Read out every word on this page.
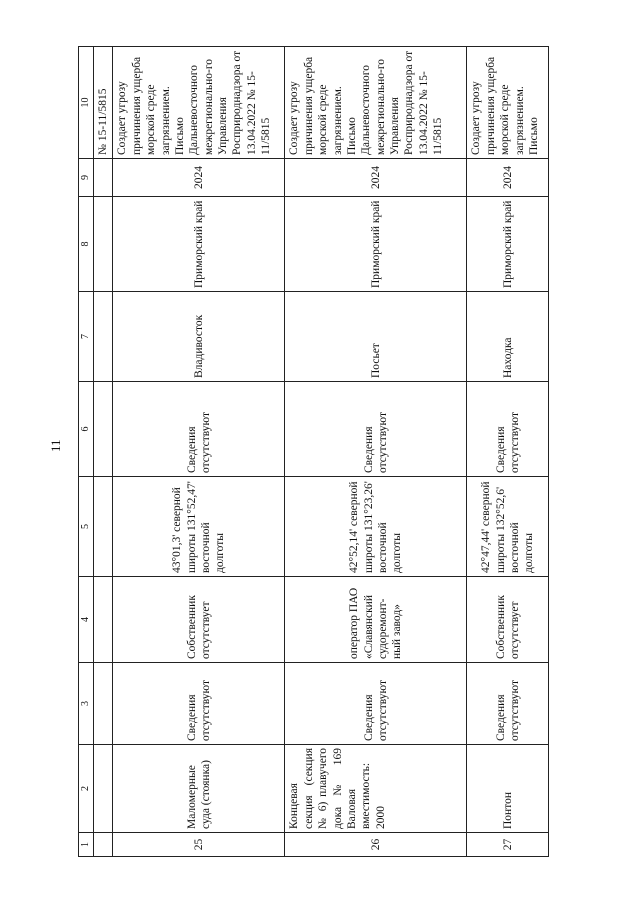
11
1	2	3	4	5	6	7	8	9	10
									№ 15-11/5815
25	Маломерные суда (стоянка)	Сведения отсутствуют	Собственник отсутствует	43°01,3' северной широты 131°52,47' восточной долготы	Сведения отсутствуют	Владивосток	Приморский край	2024	Создает угрозу причинения ущерба морской среде загрязнением. Письмо Дальневосточного межрегионально-го Управления Росприроднадзора от 13.04.2022 № 15-11/5815
26	Концевая секция (секция № 6) плавучего дока № 169 Валовая вместимость: 2000	Сведения отсутствуют	оператор ПАО «Славянский судоремонт-ный завод»	42°52,14' северной широты 131°23,26' восточной долготы	Сведения отсутствуют	Посьет	Приморский край	2024	Создает угрозу причинения ущерба морской среде загрязнением. Письмо Дальневосточного межрегионально-го Управления Росприроднадзора от 13.04.2022 № 15-11/5815
27	Понтон	Сведения отсутствуют	Собственник отсутствует	42°47,44' северной широты 132°52,6' восточной долготы	Сведения отсутствуют	Находка	Приморский край	2024	Создает угрозу причинения ущерба морской среде загрязнением. Письмо
